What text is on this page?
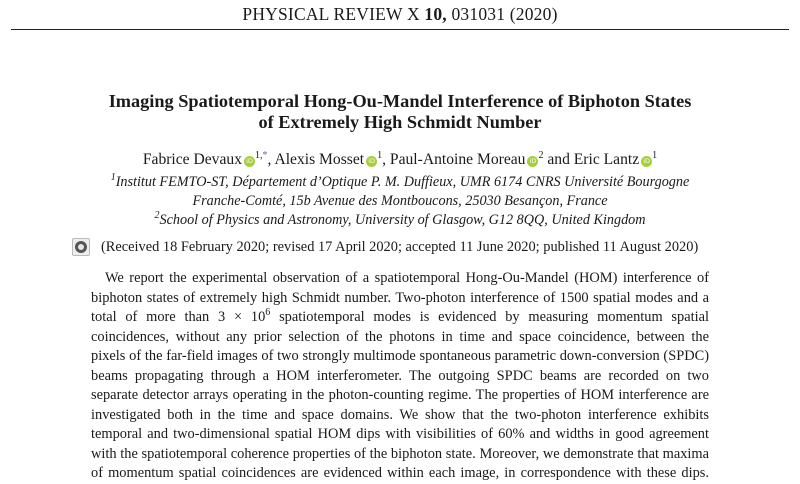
PHYSICAL REVIEW X 10, 031031 (2020)
Imaging Spatiotemporal Hong-Ou-Mandel Interference of Biphoton States
of Extremely High Schmidt Number
Fabrice Devaux iD $^{1,*}$, Alexis Mosset iD $^1$, Paul-Antoine Moreau iD $^2$ and Eric Lantz iD $^1$
$^1$Institut FEMTO-ST, Département d’Optique P. M. Duffieux, UMR 6174 CNRS Université Bourgogne
Franche-Comté, 15b Avenue des Montboucons, 25030 Besançon, France
$^2$School of Physics and Astronomy, University of Glasgow, G12 8QQ, United Kingdom
(Received 18 February 2020; revised 17 April 2020; accepted 11 June 2020; published 11 August 2020)
We report the experimental observation of a spatiotemporal Hong-Ou-Mandel (HOM) interference of
biphoton states of extremely high Schmidt number. Two-photon interference of 1500 spatial modes and a
total of more than $3 \times 10^6$ spatiotemporal modes is evidenced by measuring momentum spatial
coincidences, without any prior selection of the photons in time and space coincidence, between the
pixels of the far-field images of two strongly multimode spontaneous parametric down-conversion (SPDC)
beams propagating through a HOM interferometer. The outgoing SPDC beams are recorded on two
separate detector arrays operating in the photon-counting regime. The properties of HOM interference are
investigated both in the time and space domains. We show that the two-photon interference exhibits
temporal and two-dimensional spatial HOM dips with visibilities of 60% and widths in good agreement
with the spatiotemporal coherence properties of the biphoton state. Moreover, we demonstrate that maxima
of momentum spatial coincidences are evidenced within each image, in correspondence with these dips.
